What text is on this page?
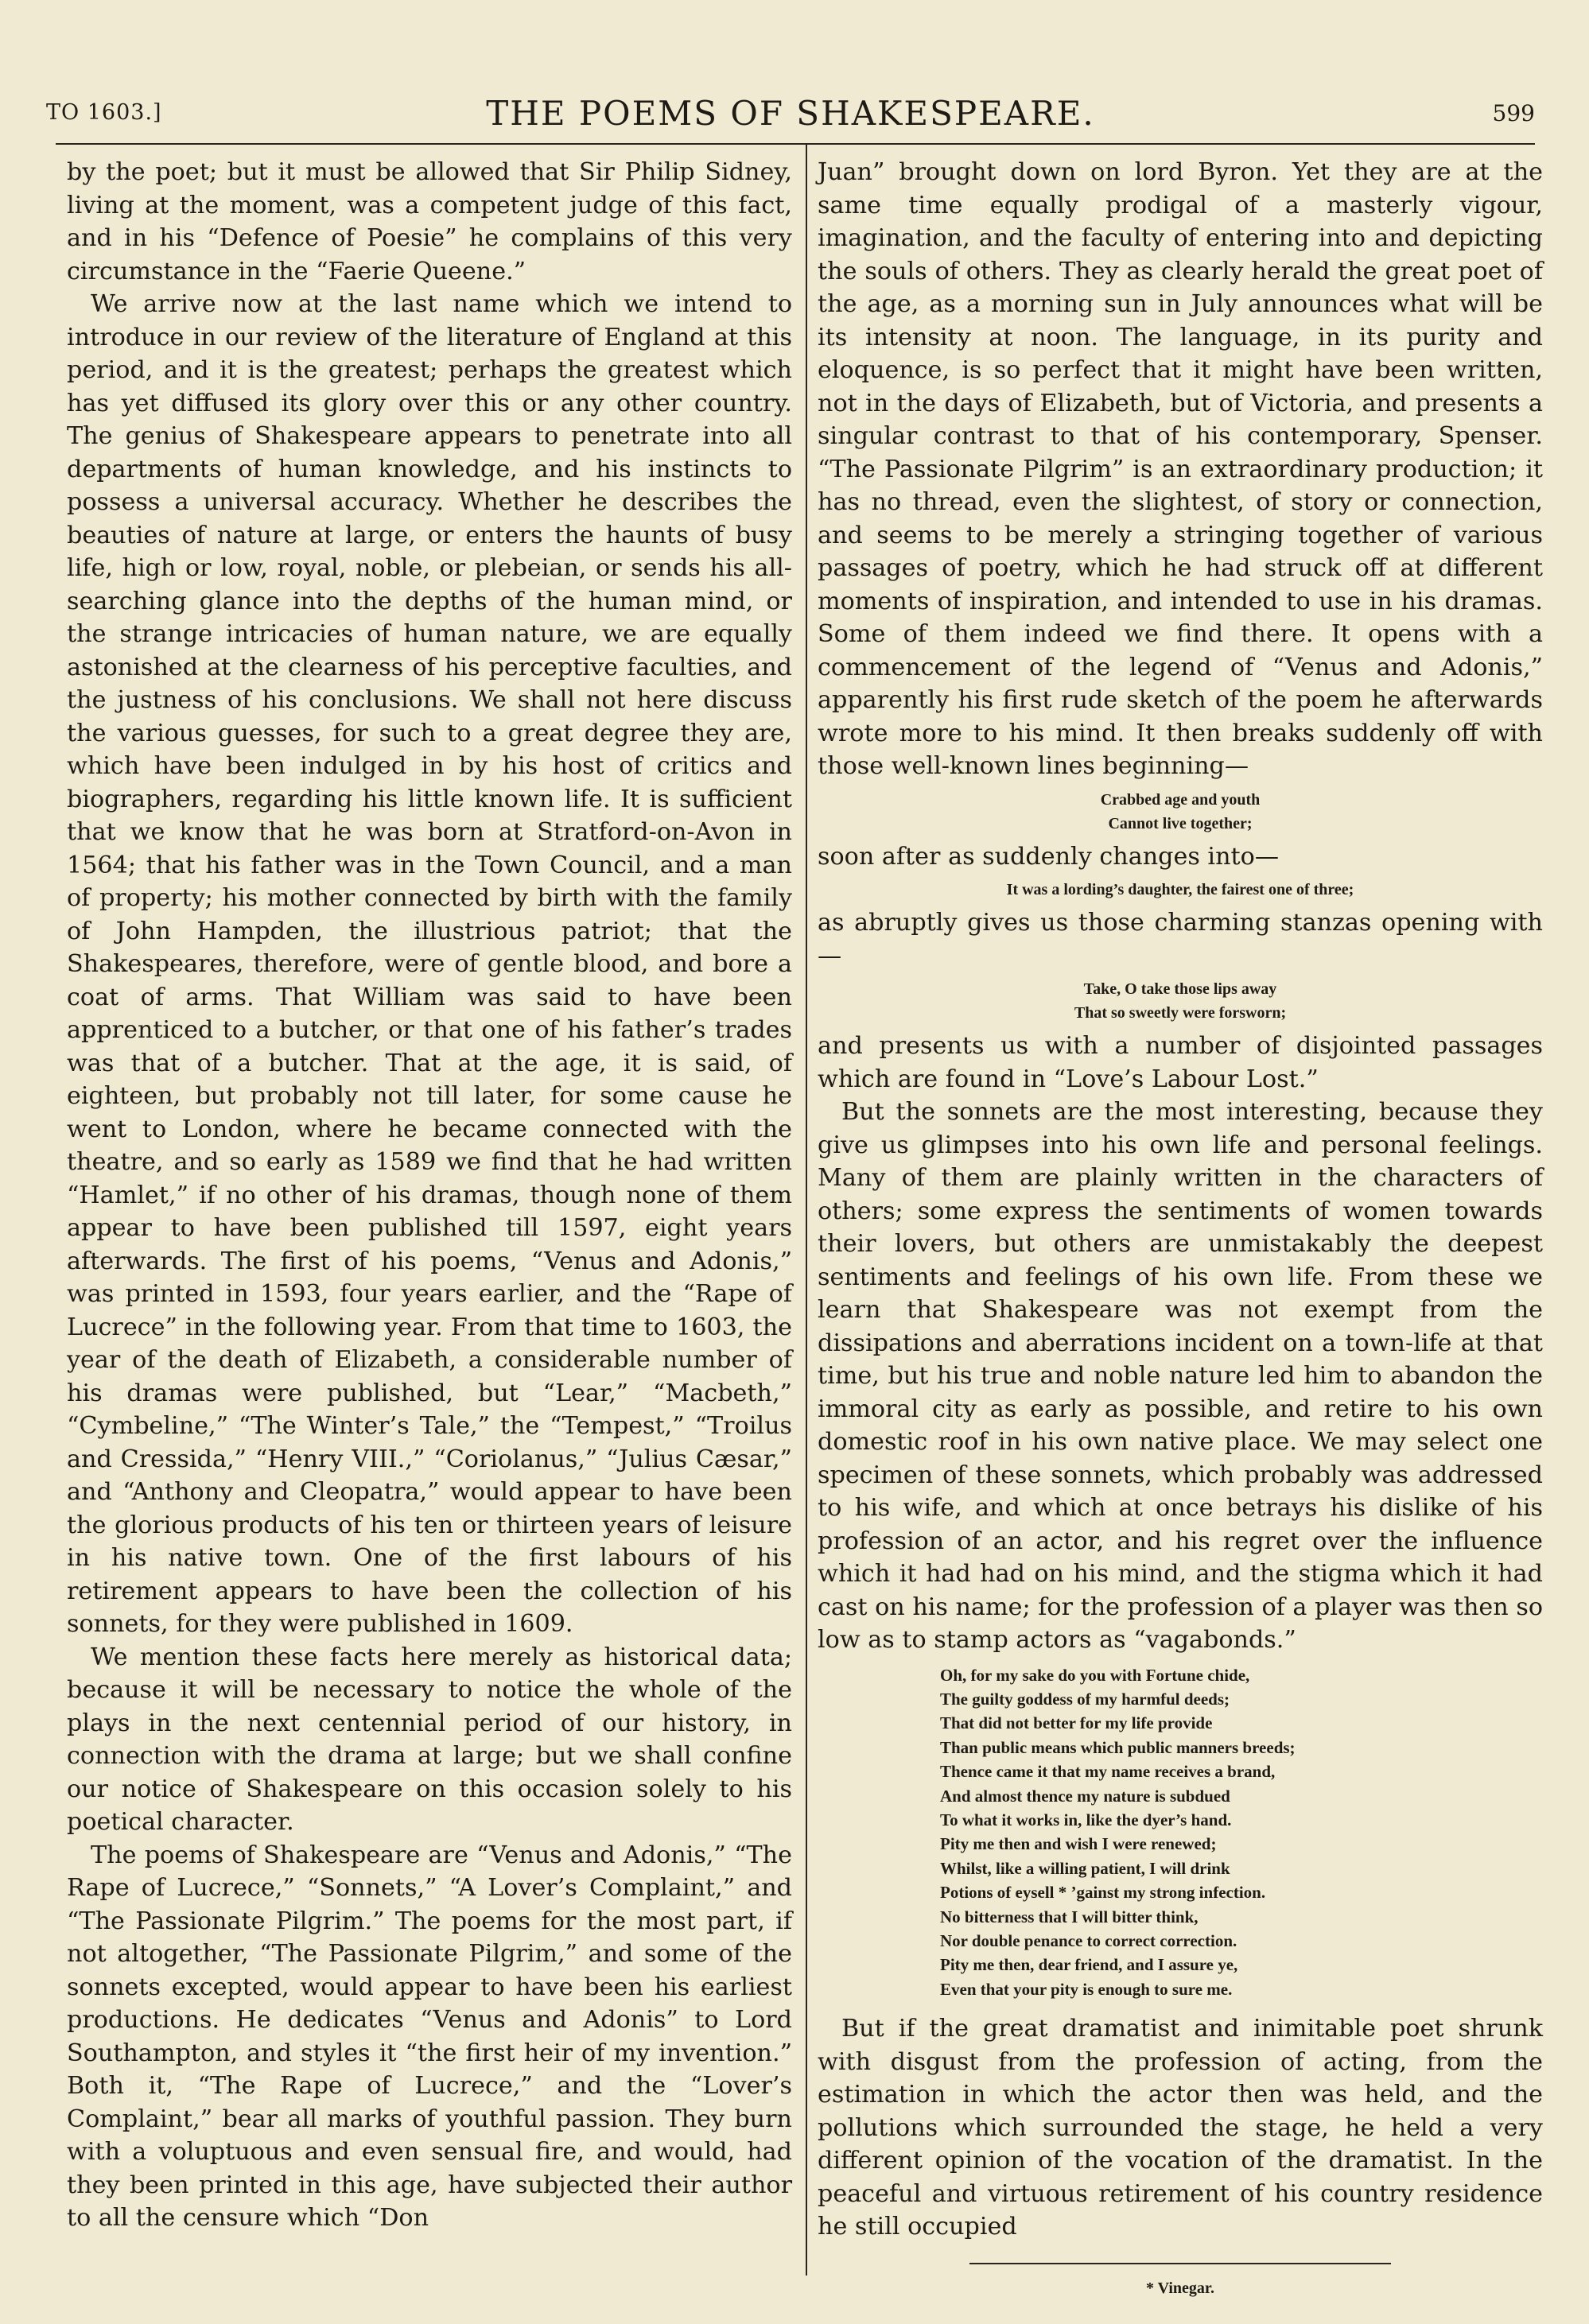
TO 1603.]	THE POEMS OF SHAKESPEARE.	599

by the poet; but it must be allowed that Sir Philip Sidney, living at the moment, was a competent judge of this fact, and in his “Defence of Poesie” he complains of this very circumstance in the “Faerie Queene.”

We arrive now at the last name which we intend to introduce in our review of the literature of England at this period, and it is the greatest; perhaps the greatest which has yet diffused its glory over this or any other country. The genius of Shakespeare appears to penetrate into all departments of human knowledge, and his instincts to possess a universal accuracy. Whether he describes the beauties of nature at large, or enters the haunts of busy life, high or low, royal, noble, or plebeian, or sends his all-searching glance into the depths of the human mind, or the strange intricacies of human nature, we are equally astonished at the clearness of his perceptive faculties, and the justness of his conclusions. We shall not here discuss the various guesses, for such to a great degree they are, which have been indulged in by his host of critics and biographers, regarding his little known life. It is sufficient that we know that he was born at Stratford-on-Avon in 1564; that his father was in the Town Council, and a man of property; his mother connected by birth with the family of John Hampden, the illustrious patriot; that the Shakespeares, therefore, were of gentle blood, and bore a coat of arms. That William was said to have been apprenticed to a butcher, or that one of his father’s trades was that of a butcher. That at the age, it is said, of eighteen, but probably not till later, for some cause he went to London, where he became connected with the theatre, and so early as 1589 we find that he had written “Hamlet,” if no other of his dramas, though none of them appear to have been published till 1597, eight years afterwards. The first of his poems, “Venus and Adonis,” was printed in 1593, four years earlier, and the “Rape of Lucrece” in the following year. From that time to 1603, the year of the death of Elizabeth, a considerable number of his dramas were published, but “Lear,” “Macbeth,” “Cymbeline,” “The Winter’s Tale,” the “Tempest,” “Troilus and Cressida,” “Henry VIII.,” “Coriolanus,” “Julius Cæsar,” and “Anthony and Cleopatra,” would appear to have been the glorious products of his ten or thirteen years of leisure in his native town. One of the first labours of his retirement appears to have been the collection of his sonnets, for they were published in 1609.

We mention these facts here merely as historical data; because it will be necessary to notice the whole of the plays in the next centennial period of our history, in connection with the drama at large; but we shall confine our notice of Shakespeare on this occasion solely to his poetical character.

The poems of Shakespeare are “Venus and Adonis,” “The Rape of Lucrece,” “Sonnets,” “A Lover’s Complaint,” and “The Passionate Pilgrim.” The poems for the most part, if not altogether, “The Passionate Pilgrim,” and some of the sonnets excepted, would appear to have been his earliest productions. He dedicates “Venus and Adonis” to Lord Southampton, and styles it “the first heir of my invention.” Both it, “The Rape of Lucrece,” and the “Lover’s Complaint,” bear all marks of youthful passion. They burn with a voluptuous and even sensual fire, and would, had they been printed in this age, have subjected their author to all the censure which “Don

Juan” brought down on lord Byron. Yet they are at the same time equally prodigal of a masterly vigour, imagination, and the faculty of entering into and depicting the souls of others. They as clearly herald the great poet of the age, as a morning sun in July announces what will be its intensity at noon. The language, in its purity and eloquence, is so perfect that it might have been written, not in the days of Elizabeth, but of Victoria, and presents a singular contrast to that of his contemporary, Spenser. “The Passionate Pilgrim” is an extraordinary production; it has no thread, even the slightest, of story or connection, and seems to be merely a stringing together of various passages of poetry, which he had struck off at different moments of inspiration, and intended to use in his dramas. Some of them indeed we find there. It opens with a commencement of the legend of “Venus and Adonis,” apparently his first rude sketch of the poem he afterwards wrote more to his mind. It then breaks suddenly off with those well-known lines beginning—

Crabbed age and youth
Cannot live together;

soon after as suddenly changes into—

It was a lording’s daughter, the fairest one of three;

as abruptly gives us those charming stanzas opening with—

Take, O take those lips away
That so sweetly were forsworn;

and presents us with a number of disjointed passages which are found in “Love’s Labour Lost.”

But the sonnets are the most interesting, because they give us glimpses into his own life and personal feelings. Many of them are plainly written in the characters of others; some express the sentiments of women towards their lovers, but others are unmistakably the deepest sentiments and feelings of his own life. From these we learn that Shakespeare was not exempt from the dissipations and aberrations incident on a town-life at that time, but his true and noble nature led him to abandon the immoral city as early as possible, and retire to his own domestic roof in his own native place. We may select one specimen of these sonnets, which probably was addressed to his wife, and which at once betrays his dislike of his profession of an actor, and his regret over the influence which it had had on his mind, and the stigma which it had cast on his name; for the profession of a player was then so low as to stamp actors as “vagabonds.”

Oh, for my sake do you with Fortune chide,
The guilty goddess of my harmful deeds;
That did not better for my life provide
Than public means which public manners breeds;
Thence came it that my name receives a brand,
And almost thence my nature is subdued
To what it works in, like the dyer’s hand.
Pity me then and wish I were renewed;
Whilst, like a willing patient, I will drink
Potions of eysell * ’gainst my strong infection.
No bitterness that I will bitter think,
Nor double penance to correct correction.
Pity me then, dear friend, and I assure ye,
Even that your pity is enough to sure me.

But if the great dramatist and inimitable poet shrunk with disgust from the profession of acting, from the estimation in which the actor then was held, and the pollutions which surrounded the stage, he held a very different opinion of the vocation of the dramatist. In the peaceful and virtuous retirement of his country residence he still occupied

* Vinegar.
